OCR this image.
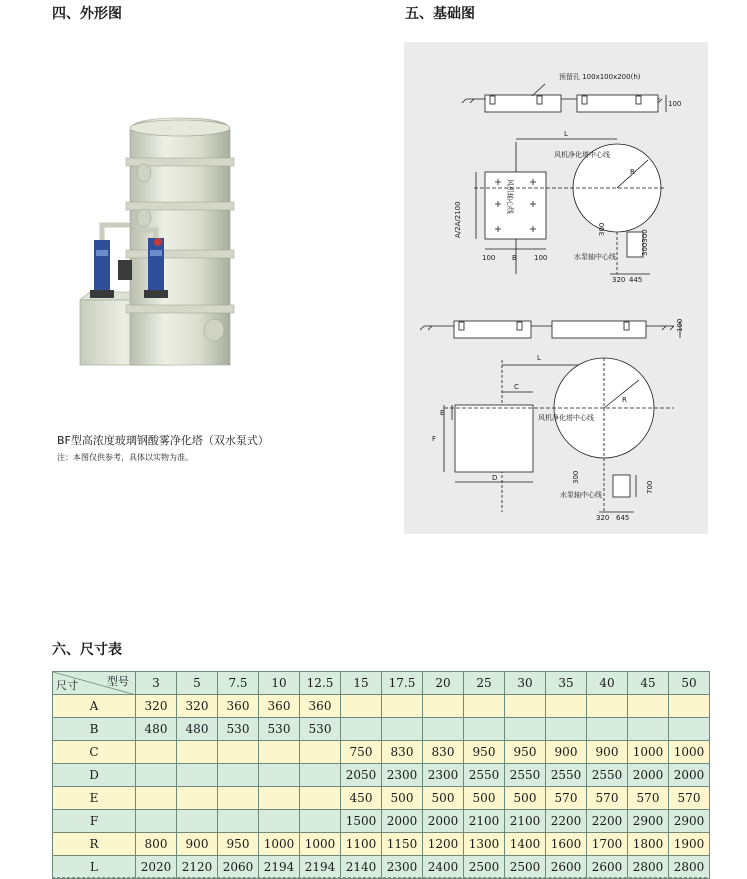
四、外形图	五、基础图
BF型高浓度玻璃钢酸雾净化塔（双水泵式）
注：本图仅供参考，具体以实物为准。
预留孔 100x100x200(h)
100
L
R
风机净化塔中心线
风机轴心线
A/2A/2100
B
100	100	水泵轴中心线
300	300300
320 445
100
L
C
E
F
D
R
风机净化塔中心线
水泵轴中心线
300
700
320 645
六、尺寸表
型号
尺寸	3	5	7.5	10	12.5	15	17.5	20	25	30	35	40	45	50
A	320	320	360	360	360									
B	480	480	530	530	530									
C						750	830	830	950	950	900	900	1000	1000
D						2050	2300	2300	2550	2550	2550	2550	2000	2000
E						450	500	500	500	500	570	570	570	570
F						1500	2000	2000	2100	2100	2200	2200	2900	2900
R	800	900	950	1000	1000	1100	1150	1200	1300	1400	1600	1700	1800	1900
L	2020	2120	2060	2194	2194	2140	2300	2400	2500	2500	2600	2600	2800	2800
